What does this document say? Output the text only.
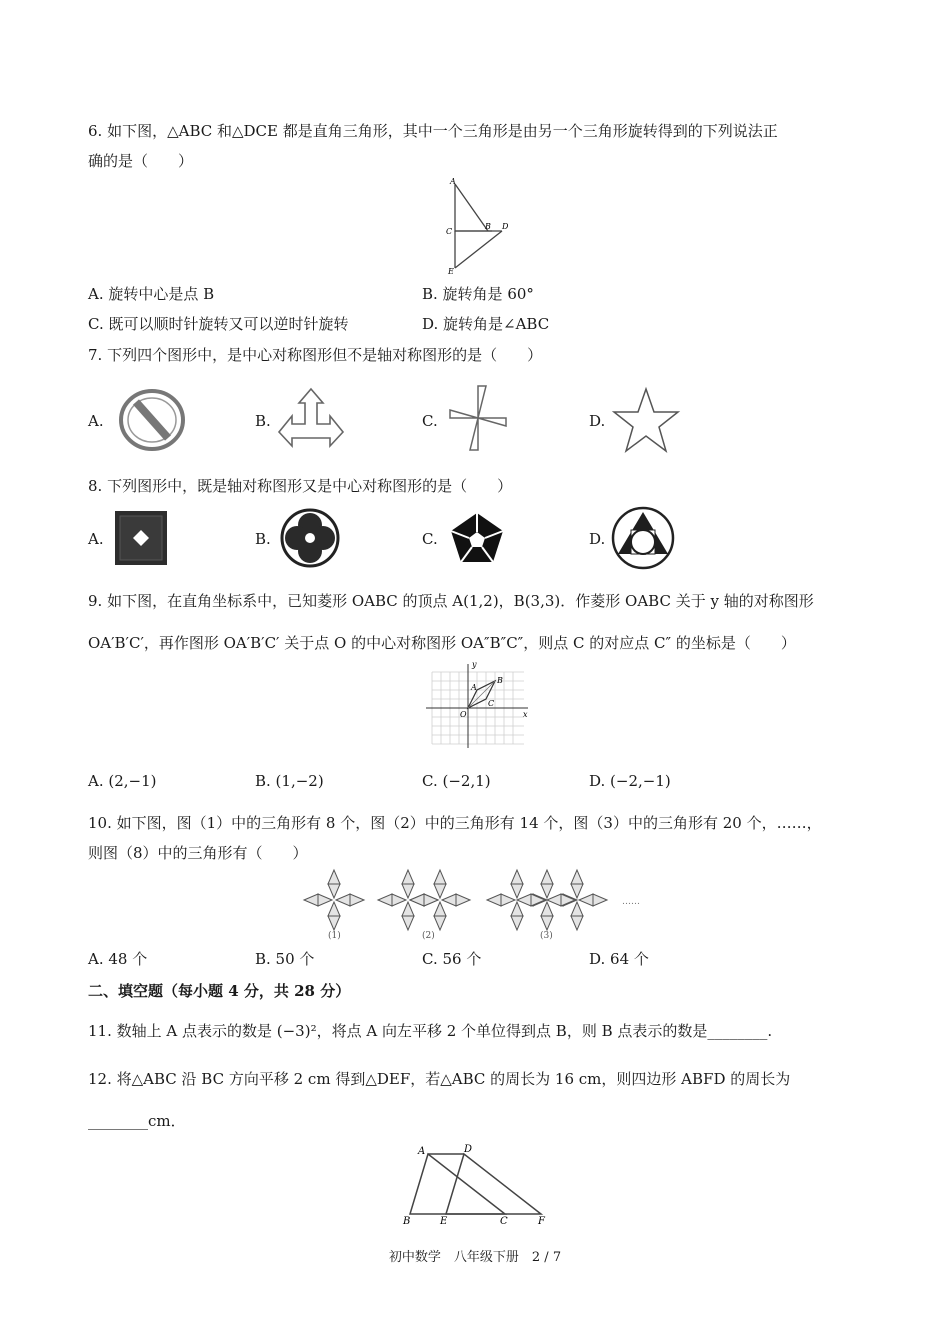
6. 如下图，△ABC 和△DCE 都是直角三角形，其中一个三角形是由另一个三角形旋转得到的下列说法正
确的是（　　）
A
C
B D
E
A. 旋转中心是点 B	B. 旋转角是 60°
C. 既可以顺时针旋转又可以逆时针旋转	D. 旋转角是∠ABC
7. 下列四个图形中，是中心对称图形但不是轴对称图形的是（　　）
A.	B.	C.	D.
8. 下列图形中，既是轴对称图形又是中心对称图形的是（　　）
A.	B.	C.	D.
9. 如下图，在直角坐标系中，已知菱形 OABC 的顶点 A(1,2)，B(3,3)．作菱形 OABC 关于 y 轴的对称图形
OA′B′C′，再作图形 OA′B′C′ 关于点 O 的中心对称图形 OA″B″C″，则点 C 的对应点 C″ 的坐标是（　　）
y
x
O
B
A
C
A. (2,−1)	B. (1,−2)	C. (−2,1)	D. (−2,−1)
10. 如下图，图（1）中的三角形有 8 个，图（2）中的三角形有 14 个，图（3）中的三角形有 20 个，……，
则图（8）中的三角形有（　　）
(1)	(2)	(3)
……
A. 48 个	B. 50 个	C. 56 个	D. 64 个
二、填空题（每小题 4 分，共 28 分）
11. 数轴上 A 点表示的数是 (−3)²，将点 A 向左平移 2 个单位得到点 B，则 B 点表示的数是________.
12. 将△ABC 沿 BC 方向平移 2 cm 得到△DEF，若△ABC 的周长为 16 cm，则四边形 ABFD 的周长为
________cm．
A	D
B	E	C	F
初中数学　八年级下册　2 / 7
